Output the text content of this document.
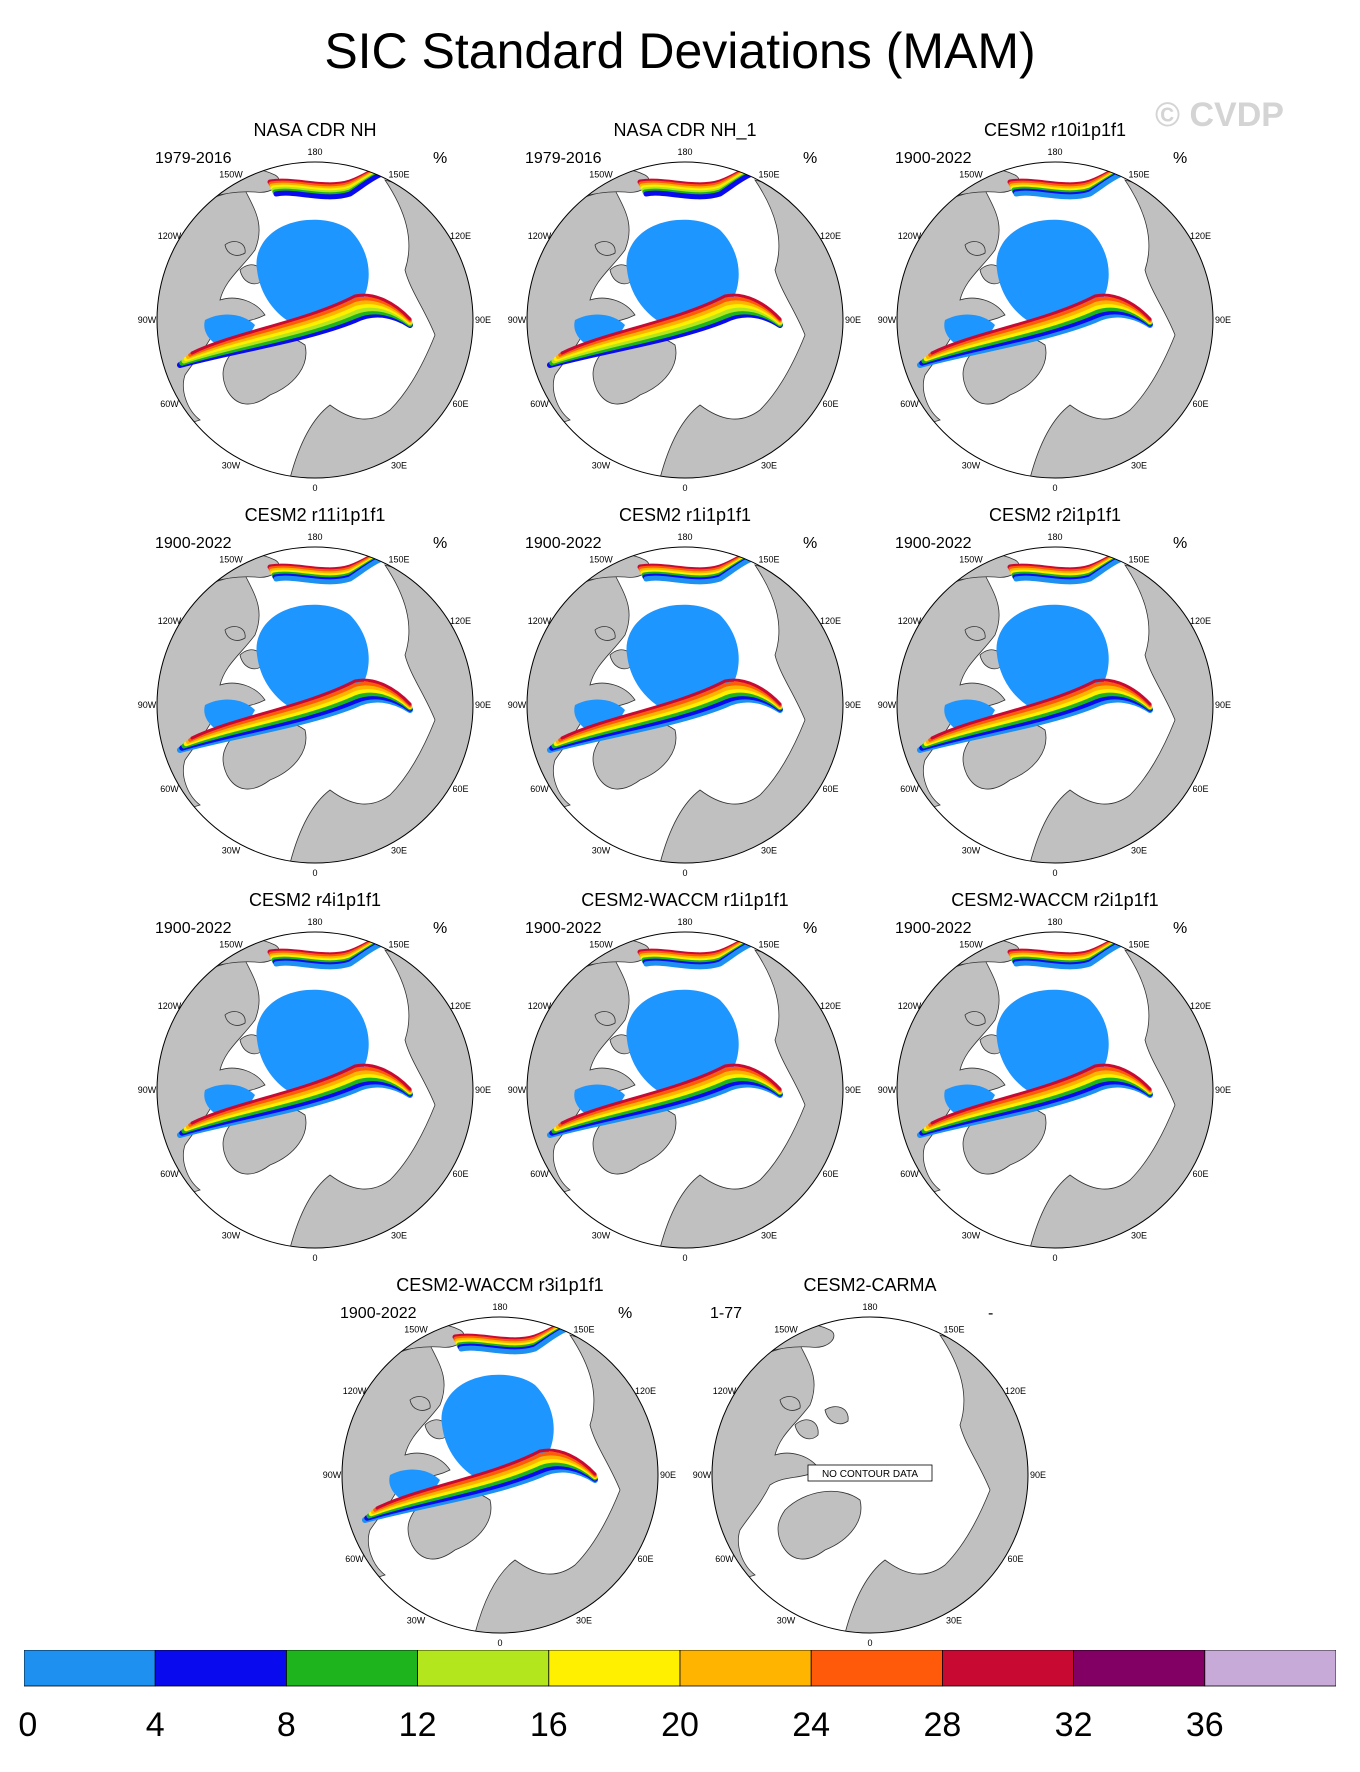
SIC Standard Deviations (MAM)
© CVDP
180
150E
120E
90E
60E
30E
0
30W
60W
90W
120W
150W
NASA CDR NH
1979-2016	%	180
150E
120E
90E
60E
30E
0
30W
60W
90W
120W
150W
NASA CDR NH_1
1979-2016	%	180
150E
120E
90E
60E
30E
0
30W
60W
90W
120W
150W
CESM2 r10i1p1f1
1900-2022	%
180
150E
120E
90E
60E
30E
0
30W
60W
90W
120W
150W
CESM2 r11i1p1f1
1900-2022	%	180
150E
120E
90E
60E
30E
0
30W
60W
90W
120W
150W
CESM2 r1i1p1f1
1900-2022	%	180
150E
120E
90E
60E
30E
0
30W
60W
90W
120W
150W
CESM2 r2i1p1f1
1900-2022	%
180
150E
120E
90E
60E
30E
0
30W
60W
90W
120W
150W
CESM2 r4i1p1f1
1900-2022	%	180
150E
120E
90E
60E
30E
0
30W
60W
90W
120W
150W
CESM2-WACCM r1i1p1f1
1900-2022	%	180
150E
120E
90E
60E
30E
0
30W
60W
90W
120W
150W
CESM2-WACCM r2i1p1f1
1900-2022	%
180
150E
120E
90E
60E
30E
0
30W
60W
90W
120W
150W
CESM2-WACCM r3i1p1f1
1900-2022	%	180
150E
120E
90E
60E
30E
0
30W
60W
90W
120W
150W
NO CONTOUR DATA
CESM2-CARMA
1-77	-
0	4	8	12	16	20	24	28	32	36
